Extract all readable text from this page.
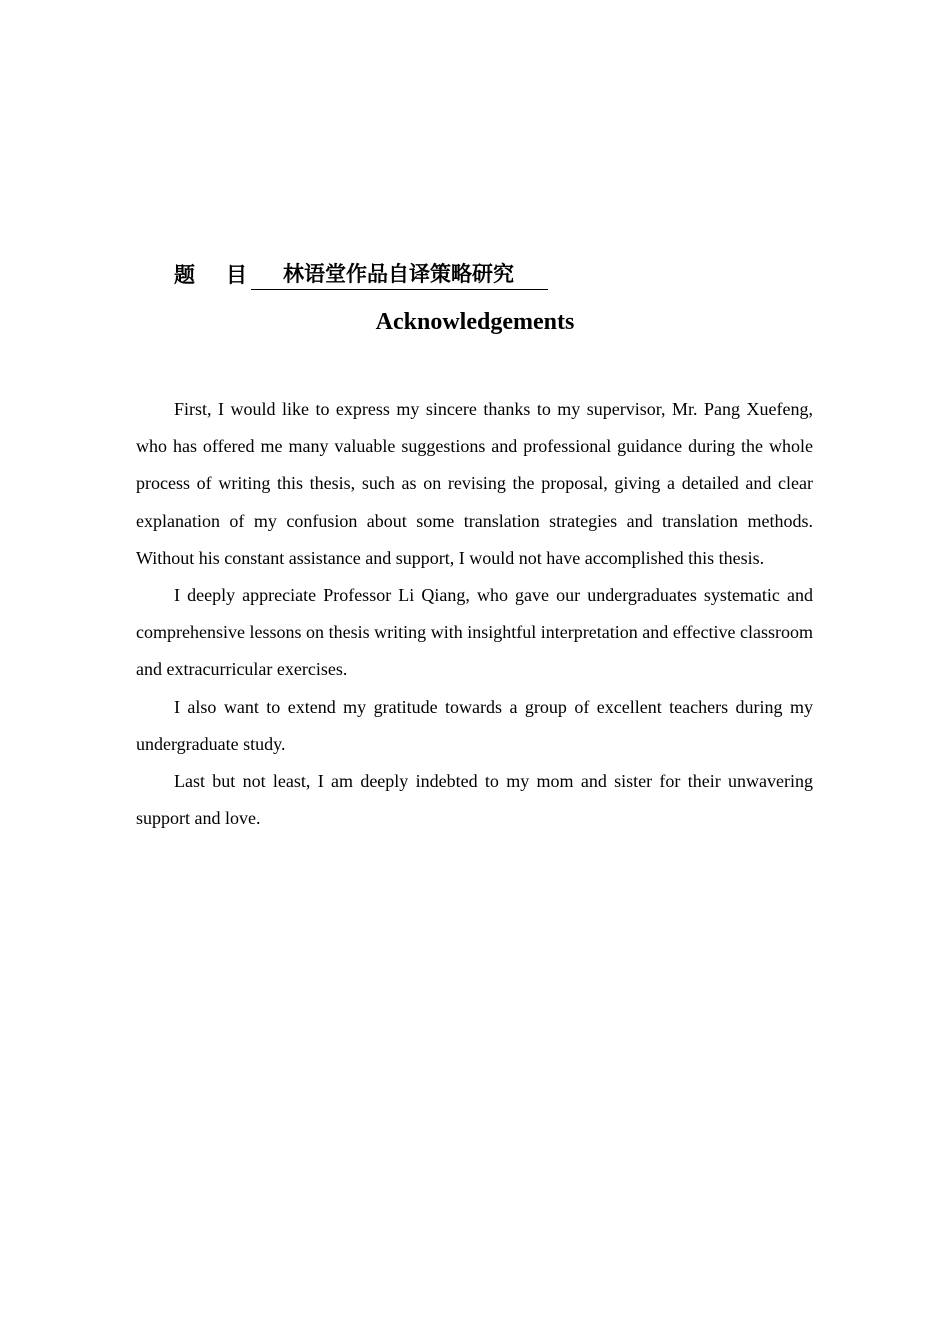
题 目	林语堂作品自译策略研究
Acknowledgements

First, I would like to express my sincere thanks to my supervisor, Mr. Pang Xuefeng, who has offered me many valuable suggestions and professional guidance during the whole process of writing this thesis, such as on revising the proposal, giving a detailed and clear explanation of my confusion about some translation strategies and translation methods. Without his constant assistance and support, I would not have accomplished this thesis.

I deeply appreciate Professor Li Qiang, who gave our undergraduates systematic and comprehensive lessons on thesis writing with insightful interpretation and effective classroom and extracurricular exercises.

I also want to extend my gratitude towards a group of excellent teachers during my undergraduate study.

Last but not least, I am deeply indebted to my mom and sister for their unwavering support and love.
